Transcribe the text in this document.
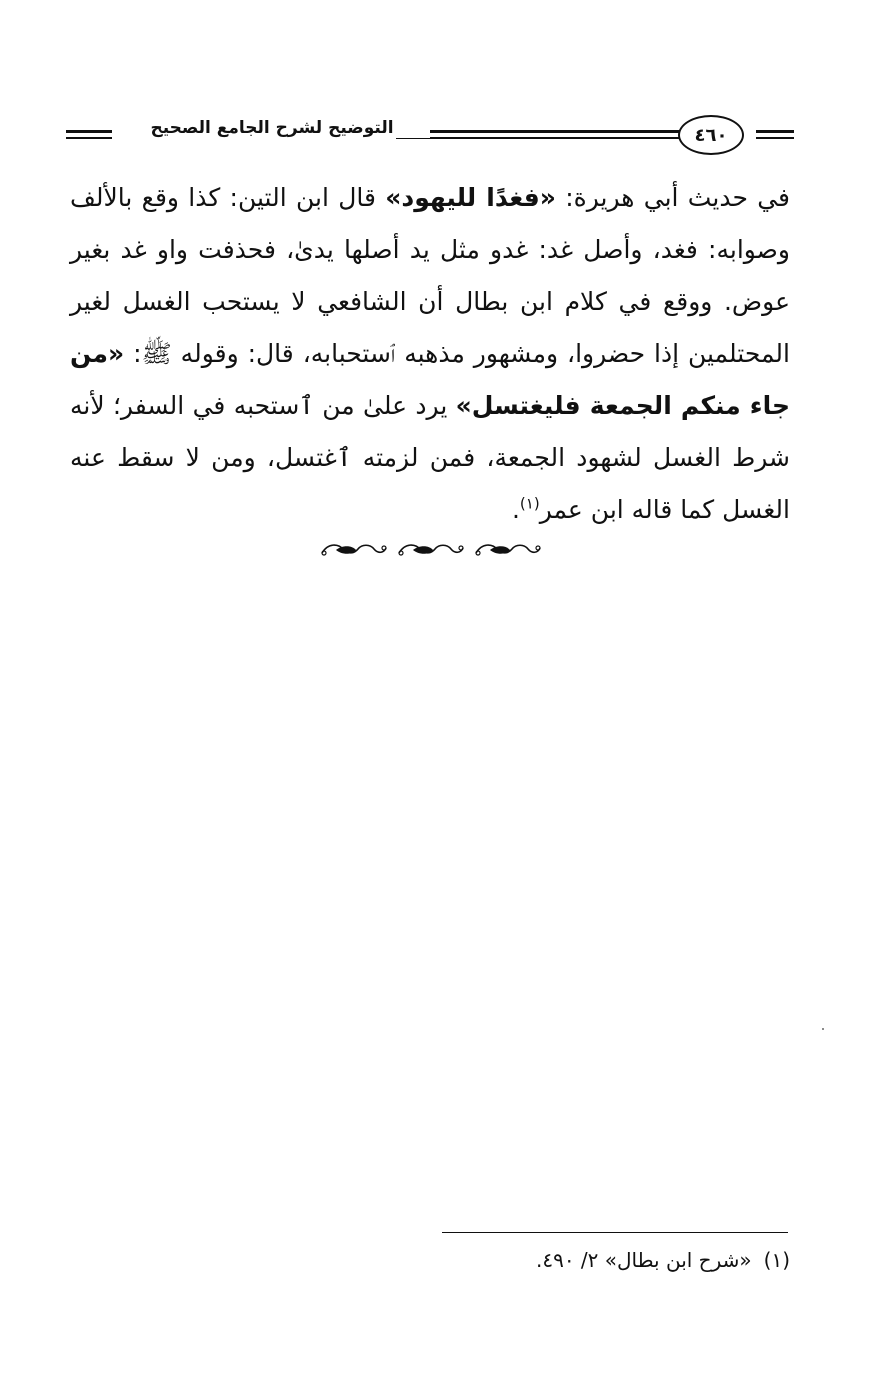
التوضيح لشرح الجامع الصحيح	٤٦٠

في حديث أبي هريرة: «فغدًا لليهود» قال ابن التين: كذا وقع بالألف وصوابه: فغد، وأصل غد: غدو مثل يد أصلها يدىٰ، فحذفت واو غد بغير عوض. ووقع في كلام ابن بطال أن الشافعي لا يستحب الغسل لغير المحتلمين إذا حضروا، ومشهور مذهبه ٱستحبابه، قال: وقوله ﷺ: «من جاء منكم الجمعة فليغتسل» يرد علىٰ من ٱستحبه في السفر؛ لأنه شرط الغسل لشهود الجمعة، فمن لزمته ٱغتسل، ومن لا سقط عنه الغسل كما قاله ابن عمر$^{(١)}$.

(١)«شرح ابن بطال» ٢/ ٤٩٠.
